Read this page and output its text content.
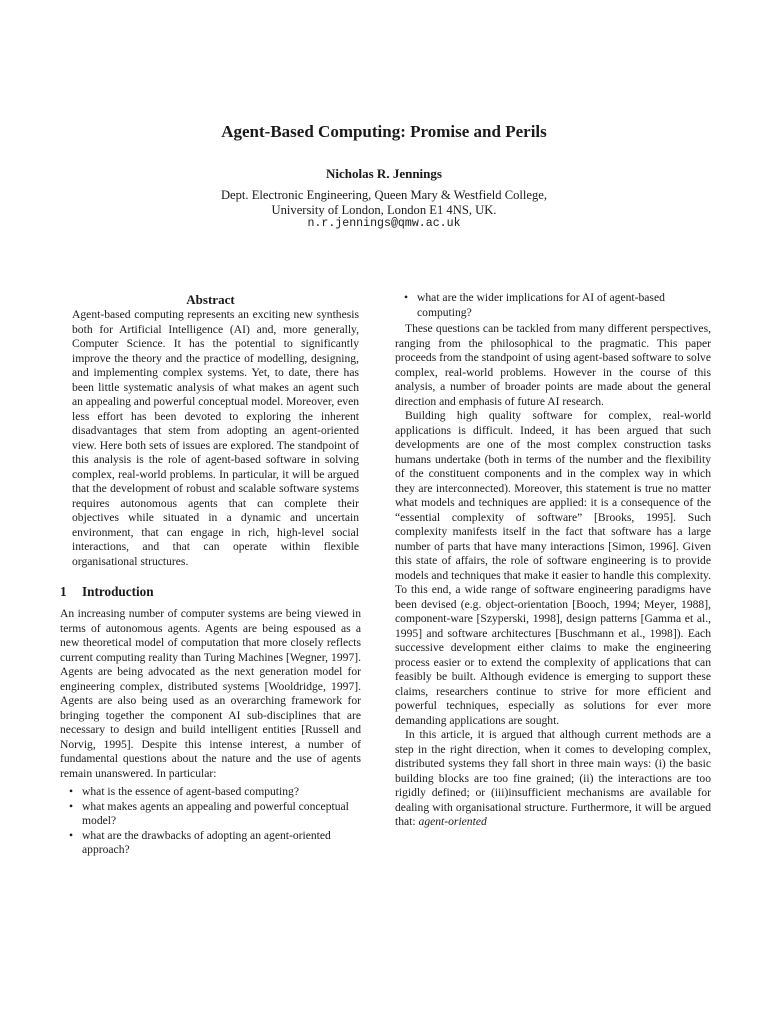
Agent-Based Computing: Promise and Perils
Nicholas R. Jennings
Dept. Electronic Engineering, Queen Mary & Westfield College,
University of London, London E1 4NS, UK.
n.r.jennings@qmw.ac.uk
Abstract

Agent-based computing represents an exciting new synthesis both for Artificial Intelligence (AI) and, more generally, Computer Science. It has the potential to significantly improve the theory and the practice of modelling, designing, and implementing complex systems. Yet, to date, there has been little systematic analysis of what makes an agent such an appealing and powerful conceptual model. Moreover, even less effort has been devoted to exploring the inherent disadvantages that stem from adopting an agent-oriented view. Here both sets of issues are explored. The standpoint of this analysis is the role of agent-based software in solving complex, real-world problems. In particular, it will be argued that the development of robust and scalable software systems requires autonomous agents that can complete their objectives while situated in a dynamic and uncertain environment, that can engage in rich, high-level social interactions, and that can operate within flexible organisational structures.

1 Introduction

An increasing number of computer systems are being viewed in terms of autonomous agents. Agents are being espoused as a new theoretical model of computation that more closely reflects current computing reality than Turing Machines [Wegner, 1997]. Agents are being advocated as the next generation model for engineering complex, distributed systems [Wooldridge, 1997]. Agents are also being used as an overarching framework for bringing together the component AI sub-disciplines that are necessary to design and build intelligent entities [Russell and Norvig, 1995]. Despite this intense interest, a number of fundamental questions about the nature and the use of agents remain unanswered. In particular:

• what is the essence of agent-based computing?
• what makes agents an appealing and powerful conceptual model?
• what are the drawbacks of adopting an agent-oriented approach?
• what are the wider implications for AI of agent-based computing?

These questions can be tackled from many different perspectives, ranging from the philosophical to the pragmatic. This paper proceeds from the standpoint of using agent-based software to solve complex, real-world problems. However in the course of this analysis, a number of broader points are made about the general direction and emphasis of future AI research.

Building high quality software for complex, real-world applications is difficult. Indeed, it has been argued that such developments are one of the most complex construction tasks humans undertake (both in terms of the number and the flexibility of the constituent components and in the complex way in which they are interconnected). Moreover, this statement is true no matter what models and techniques are applied: it is a consequence of the “essential complexity of software” [Brooks, 1995]. Such complexity manifests itself in the fact that software has a large number of parts that have many interactions [Simon, 1996]. Given this state of affairs, the role of software engineering is to provide models and techniques that make it easier to handle this complexity. To this end, a wide range of software engineering paradigms have been devised (e.g. object-orientation [Booch, 1994; Meyer, 1988], component-ware [Szyperski, 1998], design patterns [Gamma et al., 1995] and software architectures [Buschmann et al., 1998]). Each successive development either claims to make the engineering process easier or to extend the complexity of applications that can feasibly be built. Although evidence is emerging to support these claims, researchers continue to strive for more efficient and powerful techniques, especially as solutions for ever more demanding applications are sought.

In this article, it is argued that although current methods are a step in the right direction, when it comes to developing complex, distributed systems they fall short in three main ways: (i) the basic building blocks are too fine grained; (ii) the interactions are too rigidly defined; or (iii)insufficient mechanisms are available for dealing with organisational structure. Furthermore, it will be argued that: agent-oriented
